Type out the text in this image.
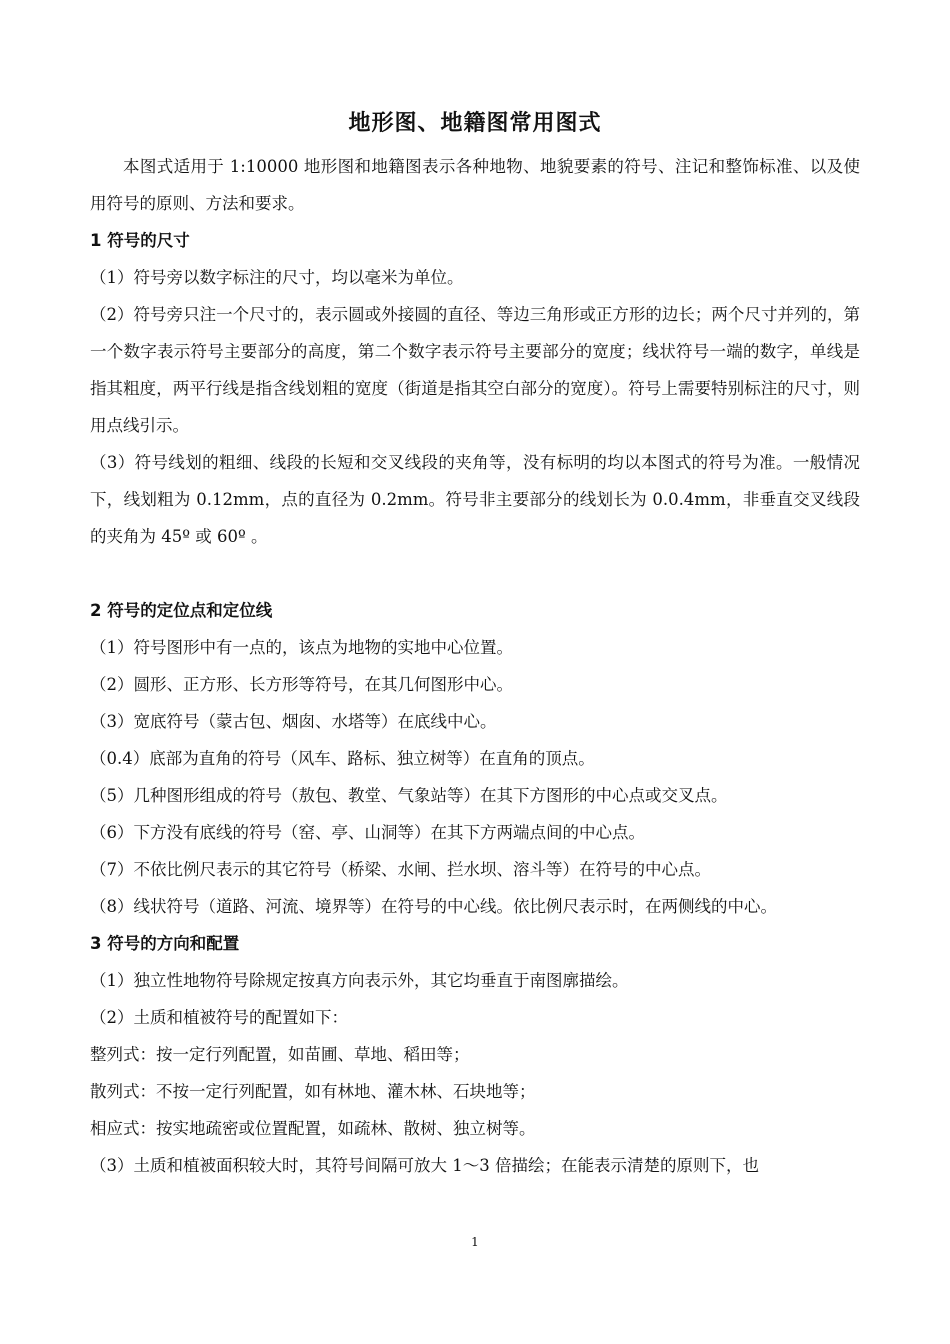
地形图、地籍图常用图式

本图式适用于 1:10000 地形图和地籍图表示各种地物、地貌要素的符号、注记和整饰标准、以及使用符号的原则、方法和要求。

1 符号的尺寸

（1）符号旁以数字标注的尺寸，均以毫米为单位。

（2）符号旁只注一个尺寸的，表示圆或外接圆的直径、等边三角形或正方形的边长；两个尺寸并列的，第一个数字表示符号主要部分的高度，第二个数字表示符号主要部分的宽度；线状符号一端的数字，单线是指其粗度，两平行线是指含线划粗的宽度（街道是指其空白部分的宽度）。符号上需要特别标注的尺寸，则用点线引示。

（3）符号线划的粗细、线段的长短和交叉线段的夹角等，没有标明的均以本图式的符号为准。一般情况下，线划粗为 0.12mm，点的直径为 0.2mm。符号非主要部分的线划长为 0.0.4mm，非垂直交叉线段的夹角为 45º 或 60º 。

2 符号的定位点和定位线

（1）符号图形中有一点的，该点为地物的实地中心位置。

（2）圆形、正方形、长方形等符号，在其几何图形中心。

（3）宽底符号（蒙古包、烟囱、水塔等）在底线中心。

（0.4）底部为直角的符号（风车、路标、独立树等）在直角的顶点。

（5）几种图形组成的符号（敖包、教堂、气象站等）在其下方图形的中心点或交叉点。

（6）下方没有底线的符号（窑、亭、山洞等）在其下方两端点间的中心点。

（7）不依比例尺表示的其它符号（桥梁、水闸、拦水坝、溶斗等）在符号的中心点。

（8）线状符号（道路、河流、境界等）在符号的中心线。依比例尺表示时，在两侧线的中心。

3 符号的方向和配置

（1）独立性地物符号除规定按真方向表示外，其它均垂直于南图廓描绘。

（2）土质和植被符号的配置如下：

整列式：按一定行列配置，如苗圃、草地、稻田等；

散列式：不按一定行列配置，如有林地、灌木林、石块地等；

相应式：按实地疏密或位置配置，如疏林、散树、独立树等。

（3）土质和植被面积较大时，其符号间隔可放大 1～3 倍描绘；在能表示清楚的原则下，也

1
